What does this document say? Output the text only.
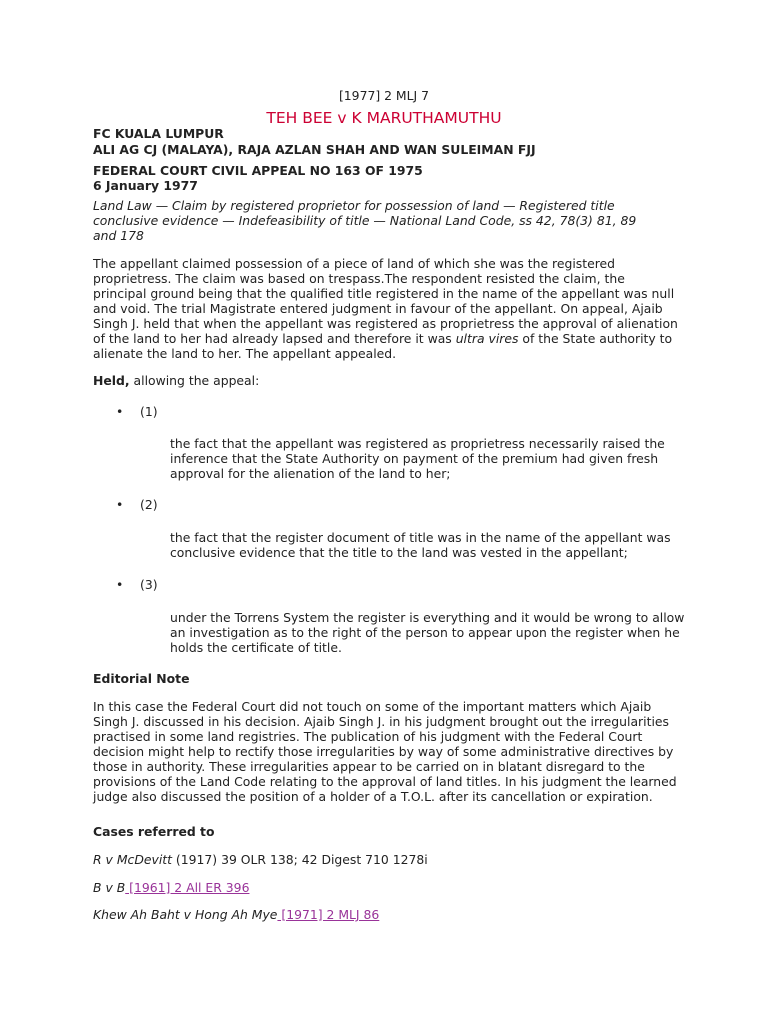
[1977] 2 MLJ 7
TEH BEE v K MARUTHAMUTHU
FC KUALA LUMPUR
ALI AG CJ (MALAYA), RAJA AZLAN SHAH AND WAN SULEIMAN FJJ
FEDERAL COURT CIVIL APPEAL NO 163 OF 1975
6 January 1977
Land Law — Claim by registered proprietor for possession of land — Registered title conclusive evidence — Indefeasibility of title — National Land Code, ss 42, 78(3) 81, 89 and 178
The appellant claimed possession of a piece of land of which she was the registered proprietress. The claim was based on trespass.The respondent resisted the claim, the principal ground being that the qualified title registered in the name of the appellant was null and void. The trial Magistrate entered judgment in favour of the appellant. On appeal, Ajaib Singh J. held that when the appellant was registered as proprietress the approval of alienation of the land to her had already lapsed and therefore it was ultra vires of the State authority to alienate the land to her. The appellant appealed.
Held, allowing the appeal:
• (1)
the fact that the appellant was registered as proprietress necessarily raised the inference that the State Authority on payment of the premium had given fresh approval for the alienation of the land to her;
• (2)
the fact that the register document of title was in the name of the appellant was conclusive evidence that the title to the land was vested in the appellant;
• (3)
under the Torrens System the register is everything and it would be wrong to allow an investigation as to the right of the person to appear upon the register when he holds the certificate of title.
Editorial Note
In this case the Federal Court did not touch on some of the important matters which Ajaib Singh J. discussed in his decision. Ajaib Singh J. in his judgment brought out the irregularities practised in some land registries. The publication of his judgment with the Federal Court decision might help to rectify those irregularities by way of some administrative directives by those in authority. These irregularities appear to be carried on in blatant disregard to the provisions of the Land Code relating to the approval of land titles. In his judgment the learned judge also discussed the position of a holder of a T.O.L. after its cancellation or expiration.
Cases referred to
R v McDevitt (1917) 39 OLR 138; 42 Digest 710 1278i
B v B [1961] 2 All ER 396
Khew Ah Baht v Hong Ah Mye [1971] 2 MLJ 86
